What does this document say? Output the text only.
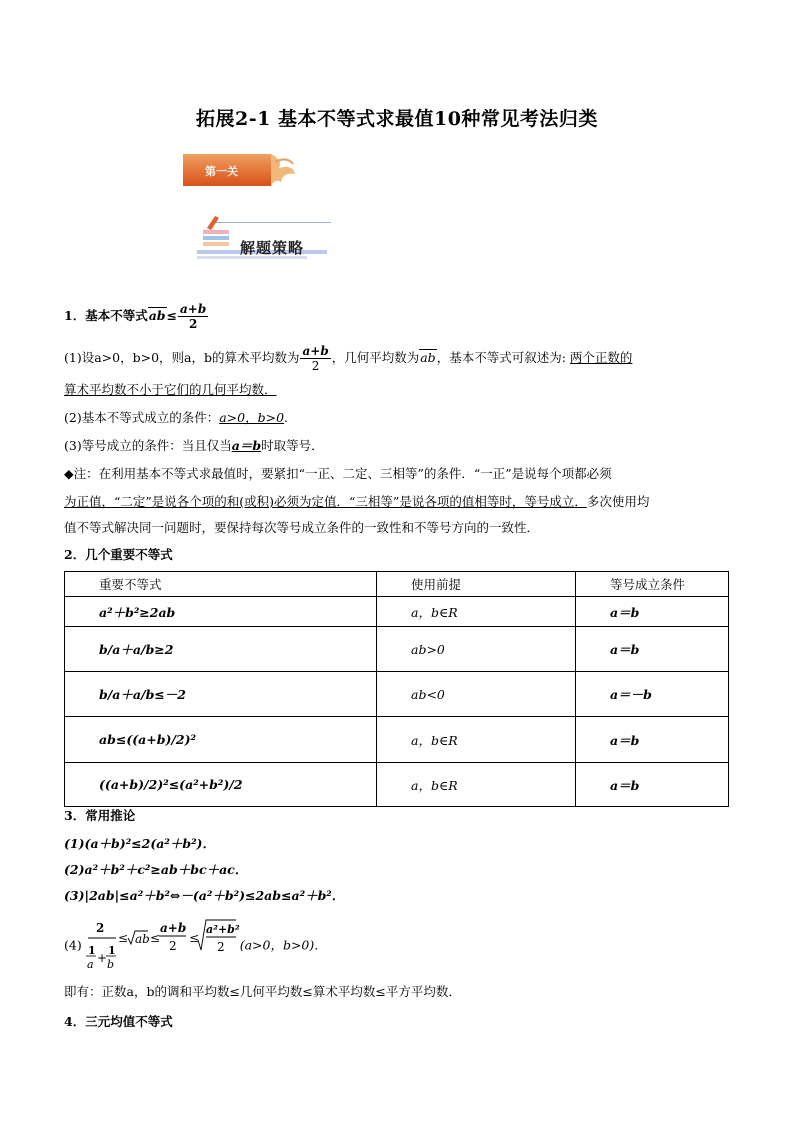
拓展2-1 基本不等式求最值10种常见考法归类
第一关
解题策略
1．基本不等式$ab\le \frac{a+b}{2}$
(1)设a>0，b>0，则a，b的算术平均数为 $\frac{a+b}{2}$ ，几何平均数为ab，基本不等式可叙述为: 两个正数的
算术平均数不小于它们的几何平均数．
(2)基本不等式成立的条件：a>0，b>0.
(3)等号成立的条件：当且仅当a＝b时取等号．
◆注：在利用基本不等式求最值时，要紧扣“一正、二定、三相等”的条件．“一正”是说每个项都必须
为正值，“二定”是说各个项的和(或积)必须为定值．“三相等”是说各项的值相等时，等号成立．多次使用均
值不等式解决同一问题时，要保持每次等号成立条件的一致性和不等号方向的一致性．
2．几个重要不等式
重要不等式	使用前提	等号成立条件
a²＋b²≥2ab	a，b∈R	a＝b
b/a＋a/b≥2	ab>0	a＝b
b/a＋a/b≤－2	ab<0	a＝－b
ab≤((a+b)/2)²	a，b∈R	a＝b
((a+b)/2)²≤(a²+b²)/2	a，b∈R	a＝b
3．常用推论
(1)(a＋b)²≤2(a²＋b²)．
(2)a²＋b²＋c²≥ab＋bc＋ac．
(3)|2ab|≤a²＋b²⇔－(a²＋b²)≤2ab≤a²＋b²．
(4)
2
1
a +
1
b
≤ ab ≤
a+b
2
≤
a²+b²
2 (a>0，b>0)．
即有：正数a，b的调和平均数≤几何平均数≤算术平均数≤平方平均数．
4．三元均值不等式
